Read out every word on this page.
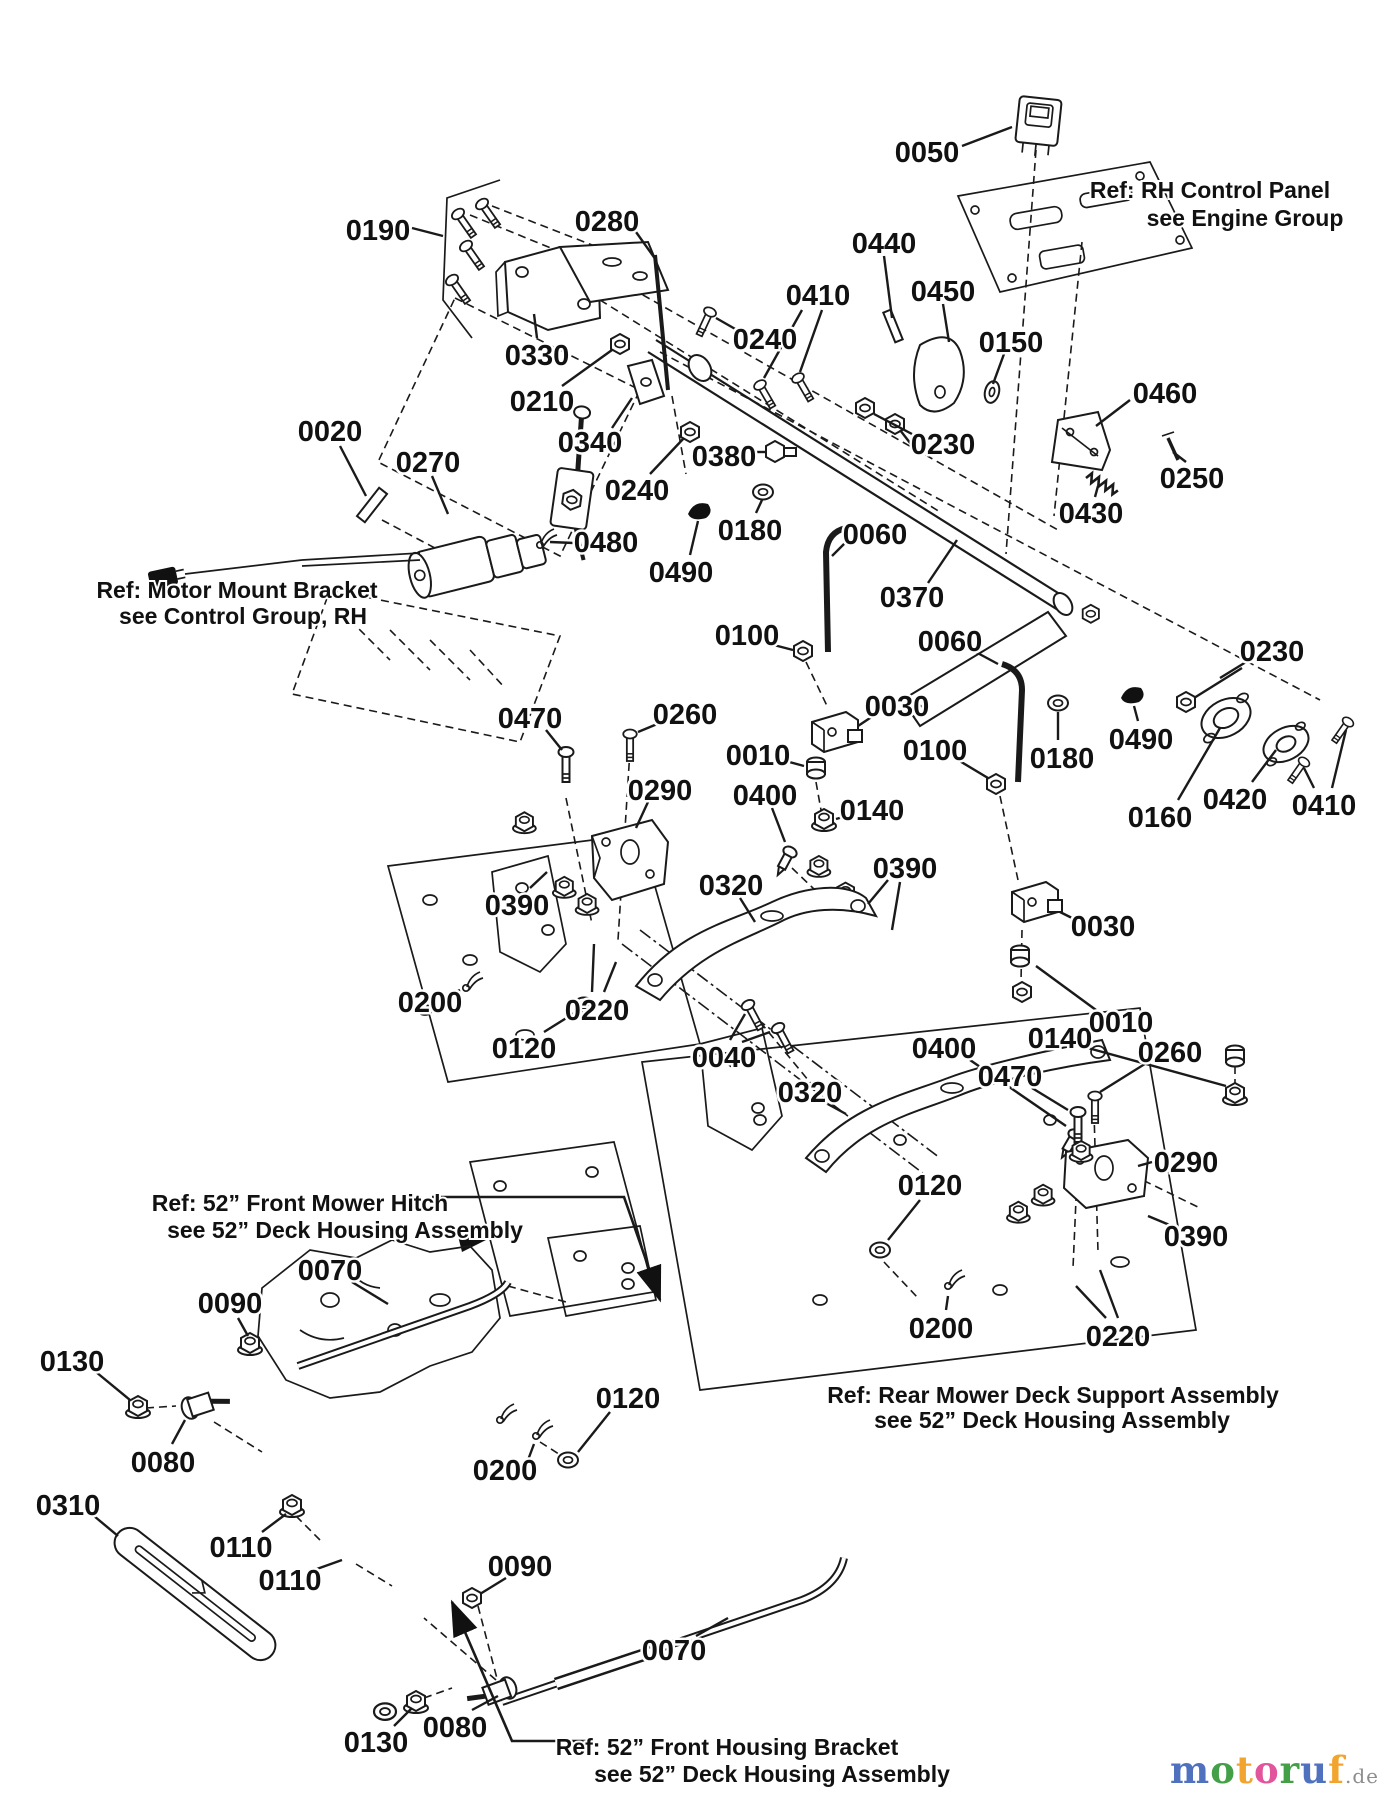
0050
0190	0280
0330
0210
0340
0020
0270
0240
0410
0440
0450
0150
0460
0380	0230
0250
0430
0240
0180
0490
0480	0060
0370
0100	0060
0030
0010
0400 0140
0390
0320
0100 0180
0490
0230
0160
0420 0410
0470	0260
0290
0390
0220
0200
0120	0040
0320
0400 0140
0010
0030
0470
0260
0290
0390
0120
0220
0200
0070
0090
0130
0080
0310
0110
0110	0090
0120
0200
0070
0130 0080
Ref: RH Control Panel
see Engine Group
Ref: Motor Mount Bracket
see Control Group, RH
Ref: 52” Front Mower Hitch
see 52” Deck Housing Assembly
Ref: Rear Mower Deck Support Assembly
see 52” Deck Housing Assembly
Ref: 52” Front Housing Bracket
see 52” Deck Housing Assembly	motoruf.de
